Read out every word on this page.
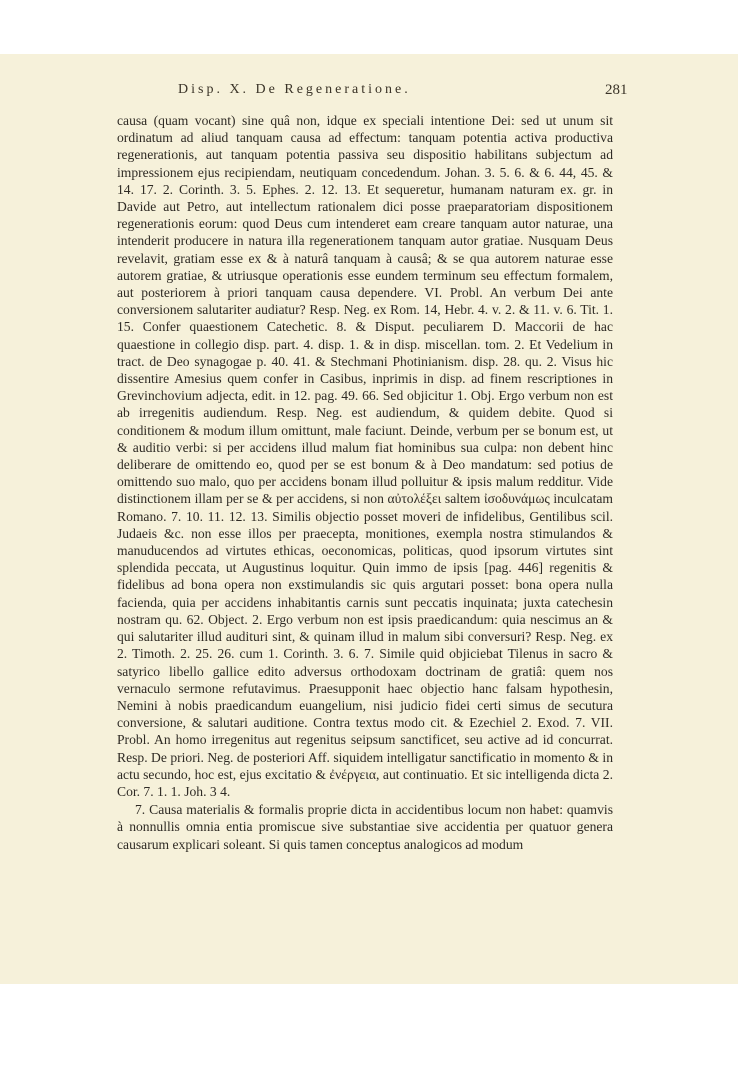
Disp. X. De Regeneratione.	281

causa (quam vocant) sine quâ non, idque ex speciali intentione Dei: sed ut unum sit ordinatum ad aliud tanquam causa ad effectum: tanquam potentia activa productiva regenerationis, aut tanquam potentia passiva seu dispositio habilitans subjectum ad impressionem ejus recipiendam, neutiquam concedendum. Johan. 3. 5. 6. & 6. 44, 45. & 14. 17. 2. Corinth. 3. 5. Ephes. 2. 12. 13. Et sequeretur, humanam naturam ex. gr. in Davide aut Petro, aut intellectum rationalem dici posse praeparatoriam dispositionem regenerationis eorum: quod Deus cum intenderet eam creare tanquam autor naturae, una intenderit producere in natura illa regenerationem tanquam autor gratiae. Nusquam Deus revelavit, gratiam esse ex & à naturâ tanquam à causâ; & se qua autorem naturae esse autorem gratiae, & utriusque operationis esse eundem terminum seu effectum formalem, aut posteriorem à priori tanquam causa dependere. VI. Probl. An verbum Dei ante conversionem salutariter audiatur? Resp. Neg. ex Rom. 14, Hebr. 4. v. 2. & 11. v. 6. Tit. 1. 15. Confer quaestionem Catechetic. 8. & Disput. peculiarem D. Maccorii de hac quaestione in collegio disp. part. 4. disp. 1. & in disp. miscellan. tom. 2. Et Vedelium in tract. de Deo synagogae p. 40. 41. & Stechmani Photinianism. disp. 28. qu. 2. Visus hic dissentire Amesius quem confer in Casibus, inprimis in disp. ad finem rescriptiones in Grevinchovium adjecta, edit. in 12. pag. 49. 66. Sed objicitur 1. Obj. Ergo verbum non est ab irregenitis audiendum. Resp. Neg. est audiendum, & quidem debite. Quod si conditionem & modum illum omittunt, male faciunt. Deinde, verbum per se bonum est, ut & auditio verbi: si per accidens illud malum fiat hominibus sua culpa: non debent hinc deliberare de omittendo eo, quod per se est bonum & à Deo mandatum: sed potius de omittendo suo malo, quo per accidens bonam illud polluitur & ipsis malum redditur. Vide distinctionem illam per se & per accidens, si non αὐτολέξει saltem ἰσοδυνάμως inculcatam Romano. 7. 10. 11. 12. 13. Similis objectio posset moveri de infidelibus, Gentilibus scil. Judaeis &c. non esse illos per praecepta, monitiones, exempla nostra stimulandos & manuducendos ad virtutes ethicas, oeconomicas, politicas, quod ipsorum virtutes sint splendida peccata, ut Augustinus loquitur. Quin immo de ipsis [pag. 446] regenitis & fidelibus ad bona opera non exstimulandis sic quis argutari posset: bona opera nulla facienda, quia per accidens inhabitantis carnis sunt peccatis inquinata; juxta catechesin nostram qu. 62. Object. 2. Ergo verbum non est ipsis praedicandum: quia nescimus an & qui salutariter illud audituri sint, & quinam illud in malum sibi conversuri? Resp. Neg. ex 2. Timoth. 2. 25. 26. cum 1. Corinth. 3. 6. 7. Simile quid objiciebat Tilenus in sacro & satyrico libello gallice edito adversus orthodoxam doctrinam de gratiâ: quem nos vernaculo sermone refutavimus. Praesupponit haec objectio hanc falsam hypothesin, Nemini à nobis praedicandum euangelium, nisi judicio fidei certi simus de secutura conversione, & salutari auditione. Contra textus modo cit. & Ezechiel 2. Exod. 7. VII. Probl. An homo irregenitus aut regenitus seipsum sanctificet, seu active ad id concurrat. Resp. De priori. Neg. de posteriori Aff. siquidem intelligatur sanctificatio in momento & in actu secundo, hoc est, ejus excitatio & ἐνέργεια, aut continuatio. Et sic intelligenda dicta 2. Cor. 7. 1. 1. Joh. 3 4.

7. Causa materialis & formalis proprie dicta in accidentibus locum non habet: quamvis à nonnullis omnia entia promiscue sive substantiae sive accidentia per quatuor genera causarum explicari soleant. Si quis tamen conceptus analogicos ad modum
